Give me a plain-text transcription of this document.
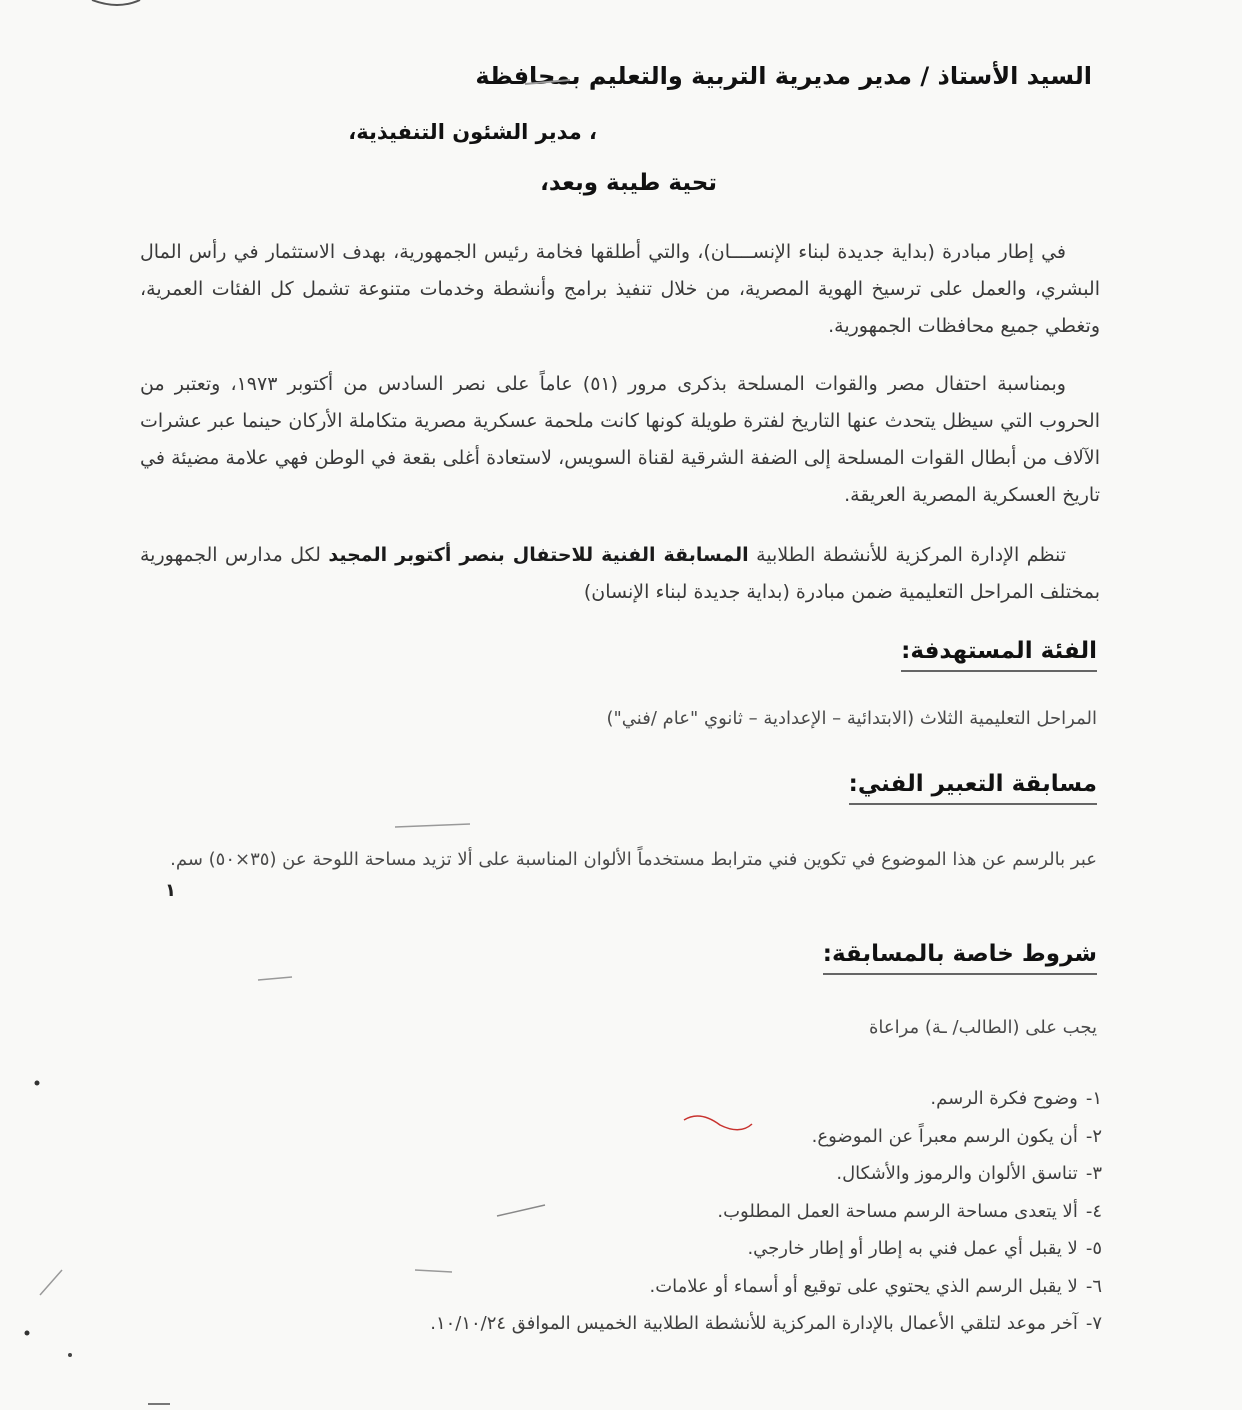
السيد الأستاذ / مدير مديرية التربية والتعليم بمحافظة
، مدير الشئون التنفيذية،
تحية طيبة وبعد،
في إطار مبادرة (بداية جديدة لبناء الإنســــان)، والتي أطلقها فخامة رئيس الجمهورية، بهدف الاستثمار في رأس المال البشري، والعمل على ترسيخ الهوية المصرية، من خلال تنفيذ برامج وأنشطة وخدمات متنوعة تشمل كل الفئات العمرية، وتغطي جميع محافظات الجمهورية.
وبمناسبة احتفال مصر والقوات المسلحة بذكرى مرور (٥١) عاماً على نصر السادس من أكتوبر ١٩٧٣، وتعتبر من الحروب التي سيظل يتحدث عنها التاريخ لفترة طويلة كونها كانت ملحمة عسكرية مصرية متكاملة الأركان حينما عبر عشرات الآلاف من أبطال القوات المسلحة إلى الضفة الشرقية لقناة السويس، لاستعادة أغلى بقعة في الوطن فهي علامة مضيئة في تاريخ العسكرية المصرية العريقة.
تنظم الإدارة المركزية للأنشطة الطلابية المسابقة الفنية للاحتفال بنصر أكتوبر المجيد لكل مدارس الجمهورية بمختلف المراحل التعليمية ضمن مبادرة (بداية جديدة لبناء الإنسان)
الفئة المستهدفة:
المراحل التعليمية الثلاث (الابتدائية – الإعدادية – ثانوي "عام /فني")
مسابقة التعبير الفني:
عبر بالرسم عن هذا الموضوع في تكوين فني مترابط مستخدماً الألوان المناسبة على ألا تزيد مساحة اللوحة عن (٣٥×٥٠) سم.
١
شروط خاصة بالمسابقة:
يجب على (الطالب/ ـة) مراعاة
١-وضوح فكرة الرسم.
٢-أن يكون الرسم معبراً عن الموضوع.
٣-تناسق الألوان والرموز والأشكال.
٤-ألا يتعدى مساحة الرسم مساحة العمل المطلوب.
٥-لا يقبل أي عمل فني به إطار أو إطار خارجي.
٦-لا يقبل الرسم الذي يحتوي على توقيع أو أسماء أو علامات.
٧-آخر موعد لتلقي الأعمال بالإدارة المركزية للأنشطة الطلابية الخميس الموافق ١٠/١٠/٢٤.
